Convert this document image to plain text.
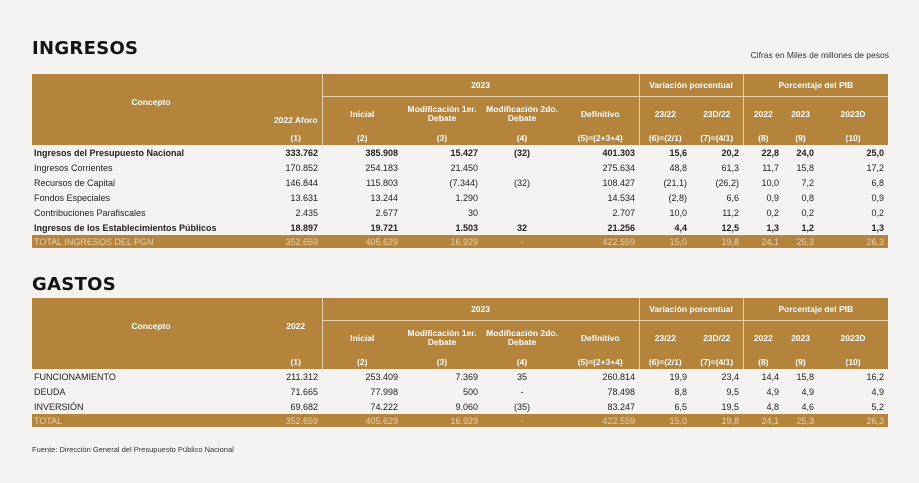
INGRESOS	Cifras en Miles de millones de pesos
Concepto	2022 Aforo	2023				Variación porcentual		Porcentaje del PIB		
		Inicial	Modificación 1er. Debate	Modificación 2do. Debate	Definitivo	23/22	23D/22	2022	2023	2023D
	(1)	(2)	(3)	(4)	(5)=(2+3+4)	(6)=(2/1)	(7)=(4/1)	(8)	(9)	(10)
Ingresos del Presupuesto Nacional	333.762	385.908	15.427	(32)	401.303	15,6	20,2	22,8	24,0	25,0
Ingresos Corrientes	170.852	254.183	21.450		275.634	48,8	61,3	11,7	15,8	17,2
Recursos de Capital	146.844	115.803	(7.344)	(32)	108.427	(21,1)	(26,2)	10,0	7,2	6,8
Fondos Especiales	13.631	13.244	1.290		14.534	(2,8)	6,6	0,9	0,8	0,9
Contribuciones Parafiscales	2.435	2.677	30		2.707	10,0	11,2	0,2	0,2	0,2
Ingresos de los Establecimientos Públicos	18.897	19.721	1.503	32	21.256	4,4	12,5	1,3	1,2	1,3
TOTAL INGRESOS DEL PGN	352.659	405.629	16.929	-	422.559	15,0	19,8	24,1	25,3	26,3
GASTOS
Concepto	2022	2023				Variación porcentual		Porcentaje del PIB		
		Inicial	Modificación 1er. Debate	Modificación 2do. Debate	Definitivo	23/22	23D/22	2022	2023	2023D
	(1)	(2)	(3)	(4)	(5)=(2+3+4)	(6)=(2/1)	(7)=(4/1)	(8)	(9)	(10)
FUNCIONAMIENTO	211.312	253.409	7.369	35	260.814	19,9	23,4	14,4	15,8	16,2
DEUDA	71.665	77.998	500	-	78.498	8,8	9,5	4,9	4,9	4,9
INVERSIÓN	69.682	74.222	9.060	(35)	83.247	6,5	19,5	4,8	4,6	5,2
TOTAL	352.659	405.629	16.929	-	422.559	15,0	19,8	24,1	25,3	26,3
Fuente: Dirección General del Presupuesto Público Nacional
